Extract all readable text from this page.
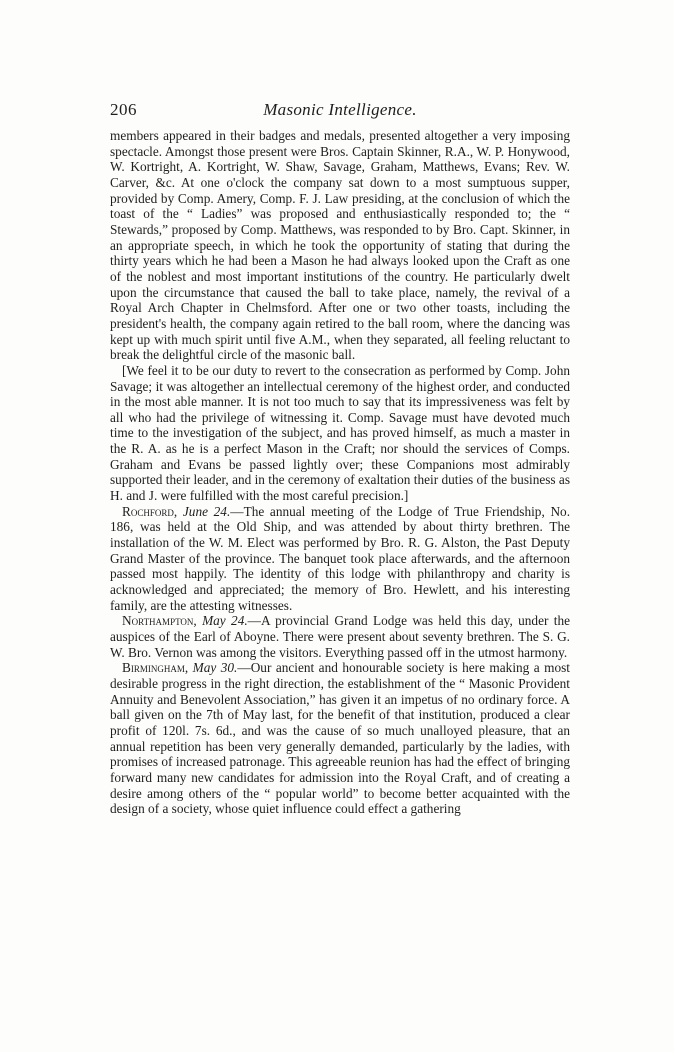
206	Masonic Intelligence.

members appeared in their badges and medals, presented altogether a very imposing spectacle. Amongst those present were Bros. Captain Skinner, R.A., W. P. Honywood, W. Kortright, A. Kortright, W. Shaw, Savage, Graham, Matthews, Evans; Rev. W. Carver, &c. At one o'clock the company sat down to a most sumptuous supper, provided by Comp. Amery, Comp. F. J. Law presiding, at the conclusion of which the toast of the “ Ladies” was proposed and enthusiastically responded to; the “ Stewards,” proposed by Comp. Matthews, was responded to by Bro. Capt. Skinner, in an appropriate speech, in which he took the opportunity of stating that during the thirty years which he had been a Mason he had always looked upon the Craft as one of the noblest and most important institutions of the country. He particularly dwelt upon the circumstance that caused the ball to take place, namely, the revival of a Royal Arch Chapter in Chelmsford. After one or two other toasts, including the president's health, the company again retired to the ball room, where the dancing was kept up with much spirit until five A.M., when they separated, all feeling reluctant to break the delightful circle of the masonic ball.

[We feel it to be our duty to revert to the consecration as performed by Comp. John Savage; it was altogether an intellectual ceremony of the highest order, and conducted in the most able manner. It is not too much to say that its impressiveness was felt by all who had the privilege of witnessing it. Comp. Savage must have devoted much time to the investigation of the subject, and has proved himself, as much a master in the R. A. as he is a perfect Mason in the Craft; nor should the services of Comps. Graham and Evans be passed lightly over; these Companions most admirably supported their leader, and in the ceremony of exaltation their duties of the business as H. and J. were fulfilled with the most careful precision.]

Rochford, June 24.—The annual meeting of the Lodge of True Friendship, No. 186, was held at the Old Ship, and was attended by about thirty brethren. The installation of the W. M. Elect was performed by Bro. R. G. Alston, the Past Deputy Grand Master of the province. The banquet took place afterwards, and the afternoon passed most happily. The identity of this lodge with philanthropy and charity is acknowledged and appreciated; the memory of Bro. Hewlett, and his interesting family, are the attesting witnesses.

Northampton, May 24.—A provincial Grand Lodge was held this day, under the auspices of the Earl of Aboyne. There were present about seventy brethren. The S. G. W. Bro. Vernon was among the visitors. Everything passed off in the utmost harmony.

Birmingham, May 30.—Our ancient and honourable society is here making a most desirable progress in the right direction, the establishment of the “ Masonic Provident Annuity and Benevolent Association,” has given it an impetus of no ordinary force. A ball given on the 7th of May last, for the benefit of that institution, produced a clear profit of 120l. 7s. 6d., and was the cause of so much unalloyed pleasure, that an annual repetition has been very generally demanded, particularly by the ladies, with promises of increased patronage. This agreeable reunion has had the effect of bringing forward many new candidates for admission into the Royal Craft, and of creating a desire among others of the “ popular world” to become better acquainted with the design of a society, whose quiet influence could effect a gathering
